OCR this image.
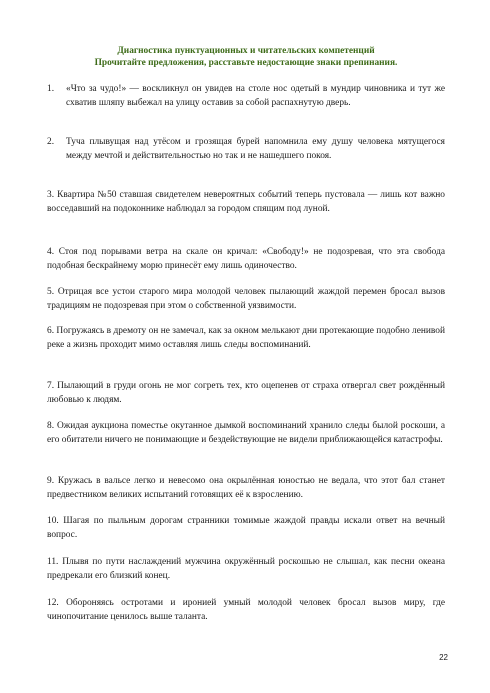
Диагностика пунктуационных и читательских компетенций
Прочитайте предложения, расставьте недостающие знаки препинания.
1. «Что за чудо!» — воскликнул он увидев на столе нос одетый в мундир чиновника и тут же схватив шляпу выбежал на улицу оставив за собой распахнутую дверь.
2. Туча плывущая над утёсом и грозящая бурей напомнила ему душу человека мятущегося между мечтой и действительностью но так и не нашедшего покоя.
3. Квартира №50 ставшая свидетелем невероятных событий теперь пустовала — лишь кот важно восседавший на подоконнике наблюдал за городом спящим под луной.
4. Стоя под порывами ветра на скале он кричал: «Свободу!» не подозревая, что эта свобода подобная бескрайнему морю принесёт ему лишь одиночество.
5. Отрицая все устои старого мира молодой человек пылающий жаждой перемен бросал вызов традициям не подозревая при этом о собственной уязвимости.
6. Погружаясь в дремоту он не замечал, как за окном мелькают дни протекающие подобно ленивой реке а жизнь проходит мимо оставляя лишь следы воспоминаний.
7. Пылающий в груди огонь не мог согреть тех, кто оцепенев от страха отвергал свет рождённый любовью к людям.
8. Ожидая аукциона поместье окутанное дымкой воспоминаний хранило следы былой роскоши, а его обитатели ничего не понимающие и бездействующие не видели приближающейся катастрофы.
9. Кружась в вальсе легко и невесомо она окрылённая юностью не ведала, что этот бал станет предвестником великих испытаний готовящих её к взрослению.
10. Шагая по пыльным дорогам странники томимые жаждой правды искали ответ на вечный вопрос.
11. Плывя по пути наслаждений мужчина окружённый роскошью не слышал, как песни океана предрекали его близкий конец.
12. Обороняясь остротами и иронией умный молодой человек бросал вызов миру, где чинопочитание ценилось выше таланта.
22
